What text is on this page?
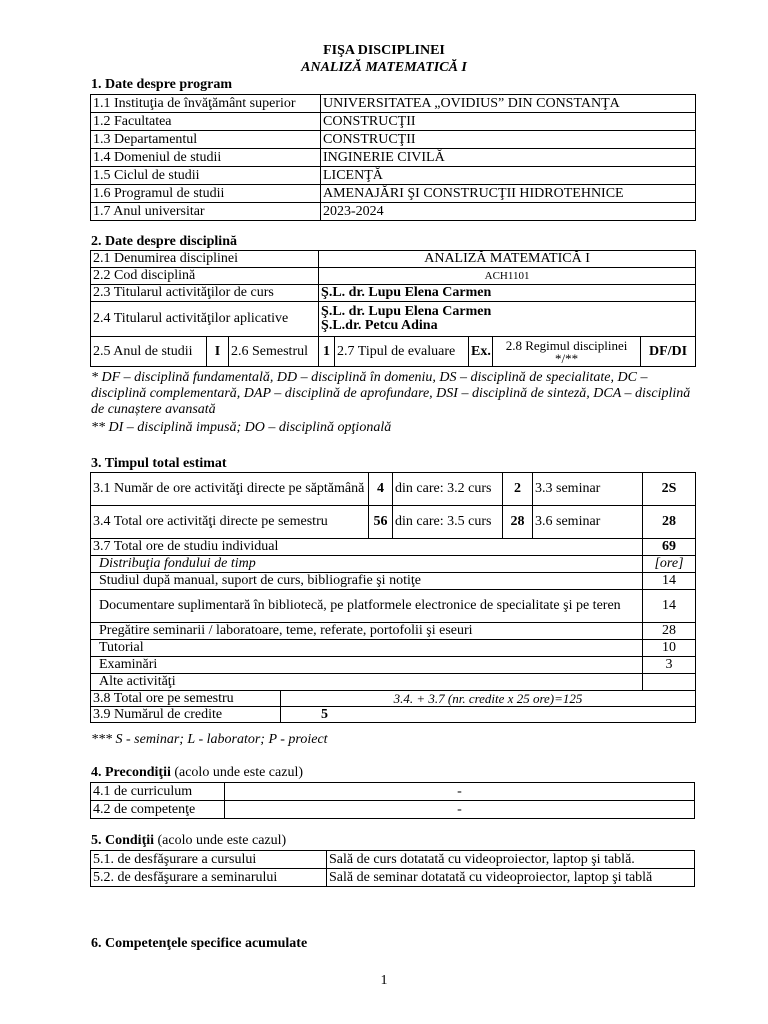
FIŞA DISCIPLINEI
ANALIZĂ MATEMATICĂ I
1. Date despre program
1.1 Instituţia de învăţământ superior	UNIVERSITATEA „OVIDIUS” DIN CONSTANŢA
1.2 Facultatea	CONSTRUCŢII
1.3 Departamentul	CONSTRUCŢII
1.4 Domeniul de studii	INGINERIE CIVILĂ
1.5 Ciclul de studii	LICENŢĂ
1.6 Programul de studii	AMENAJĂRI ŞI CONSTRUCŢII HIDROTEHNICE
1.7 Anul universitar	2023-2024
2. Date despre disciplină
2.1 Denumirea disciplinei			ANALIZĂ MATEMATICĂ I				
2.2 Cod disciplină			ACH1101				
2.3 Titularul activităţilor de curs			Ş.L. dr. Lupu Elena Carmen				
2.4 Titularul activităţilor aplicative			Ş.L. dr. Lupu Elena Carmen
Ş.L.dr. Petcu Adina				

2.5 Anul de studii	I	2.6 Semestrul	1	2.7 Tipul de evaluare	Ex.	2.8 Regimul disciplinei */**	DF/DI
* DF – disciplină fundamentală, DD – disciplină în domeniu, DS – disciplină de specialitate, DC – disciplină complementară, DAP – disciplină de aprofundare, DSI – disciplină de sinteză, DCA – disciplină de cunaștere avansată
** DI – disciplină impusă; DO – disciplină opţională
3. Timpul total estimat
3.1 Număr de ore activităţi directe pe săptămână		4	din care: 3.2 curs	2	3.3 seminar	2S
3.4 Total ore activităţi directe pe semestru		56	din care: 3.5 curs	28	3.6 seminar	28
3.7 Total ore de studiu individual						69
Distribuţia fondului de timp						[ore]
Studiul după manual, suport de curs, bibliografie şi notiţe						14
Documentare suplimentară în bibliotecă, pe platformele electronice de specialitate şi pe teren						14
Pregătire seminarii / laboratoare, teme, referate, portofolii şi eseuri						28
Tutorial						10
Examinări						3
Alte activităţi						
3.8 Total ore pe semestru	3.4. + 3.7 (nr. credite x 25 ore)=125					
3.9 Numărul de credite	5					
*** S - seminar; L - laborator; P - proiect
4. Precondiţii (acolo unde este cazul)
4.1 de curriculum	-
4.2 de competenţe	-
5. Condiţii (acolo unde este cazul)
5.1. de desfăşurare a cursului	Sală de curs dotatată cu videoproiector, laptop şi tablă.
5.2. de desfăşurare a seminarului	Sală de seminar dotatată cu videoproiector, laptop şi tablă
6. Competenţele specifice acumulate
1
